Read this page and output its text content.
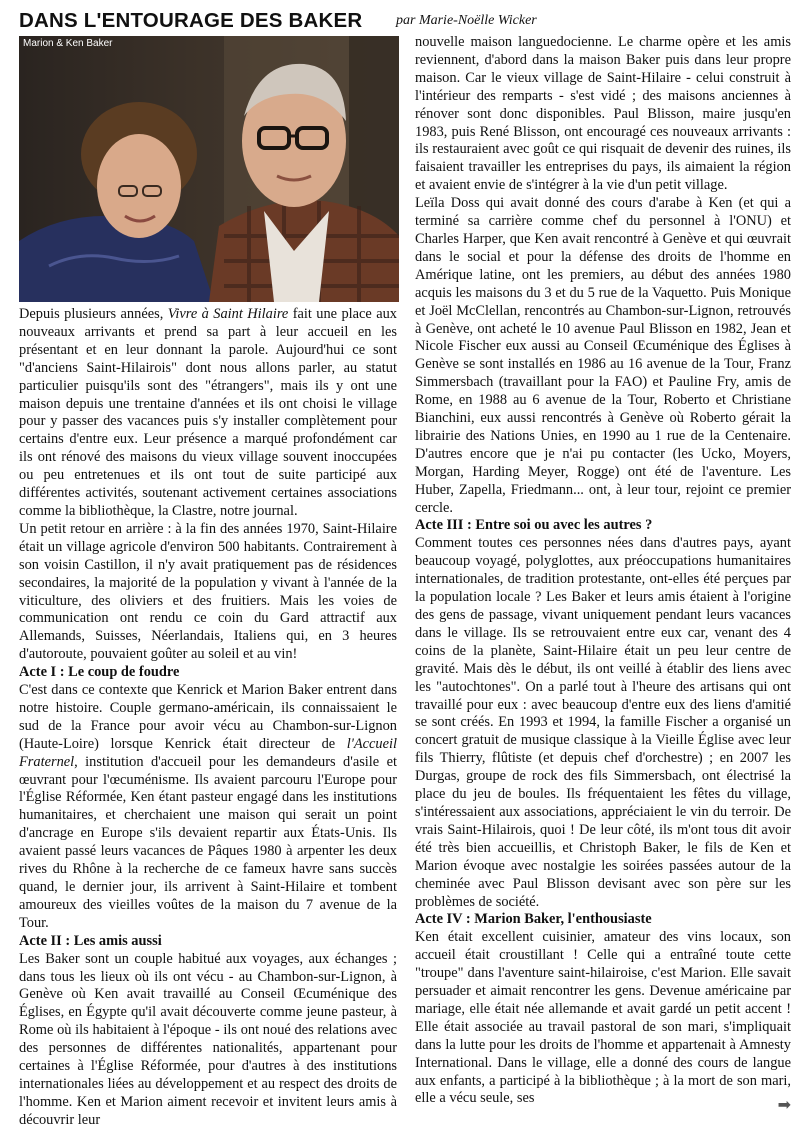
DANS L'ENTOURAGE DES BAKER par Marie-Noëlle Wicker
Marion & Ken Baker

Depuis plusieurs années, Vivre à Saint Hilaire fait une place aux nouveaux arrivants et prend sa part à leur accueil en les présentant et en leur donnant la parole. Aujourd'hui ce sont "d'anciens Saint-Hilairois" dont nous allons parler, au statut particulier puisqu'ils sont des "étrangers", mais ils y ont une maison depuis une trentaine d'années et ils ont choisi le village pour y passer des vacances puis s'y installer complètement pour certains d'entre eux. Leur présence a marqué profondément car ils ont rénové des maisons du vieux village souvent inoccupées ou peu entretenues et ils ont tout de suite participé aux différentes activités, soutenant activement certaines associations comme la bibliothèque, la Clastre, notre journal.

Un petit retour en arrière : à la fin des années 1970, Saint-Hilaire était un village agricole d'environ 500 habitants. Contrairement à son voisin Castillon, il n'y avait pratiquement pas de résidences secondaires, la majorité de la population y vivant à l'année de la viticulture, des oliviers et des fruitiers. Mais les voies de communication ont rendu ce coin du Gard attractif aux Allemands, Suisses, Néerlandais, Italiens qui, en 3 heures d'autoroute, pouvaient goûter au soleil et au vin!

Acte I : Le coup de foudre

C'est dans ce contexte que Kenrick et Marion Baker entrent dans notre histoire. Couple germano-américain, ils connaissaient le sud de la France pour avoir vécu au Chambon-sur-Lignon (Haute-Loire) lorsque Kenrick était directeur de l'Accueil Fraternel, institution d'accueil pour les demandeurs d'asile et œuvrant pour l'œcuménisme. Ils avaient parcouru l'Europe pour l'Église Réformée, Ken étant pasteur engagé dans les institutions humanitaires, et cherchaient une maison qui serait un point d'ancrage en Europe s'ils devaient repartir aux États-Unis. Ils avaient passé leurs vacances de Pâques 1980 à arpenter les deux rives du Rhône à la recherche de ce fameux havre sans succès quand, le dernier jour, ils arrivent à Saint-Hilaire et tombent amoureux des vieilles voûtes de la maison du 7 avenue de la Tour.

Acte II : Les amis aussi

Les Baker sont un couple habitué aux voyages, aux échanges ; dans tous les lieux où ils ont vécu - au Chambon-sur-Lignon, à Genève où Ken avait travaillé au Conseil Œcuménique des Églises, en Égypte qu'il avait découverte comme jeune pasteur, à Rome où ils habitaient à l'époque - ils ont noué des relations avec des personnes de différentes nationalités, appartenant pour certaines à l'Église Réformée, pour d'autres à des institutions internationales liées au développement et au respect des droits de l'homme. Ken et Marion aiment recevoir et invitent leurs amis à découvrir leur

nouvelle maison languedocienne. Le charme opère et les amis reviennent, d'abord dans la maison Baker puis dans leur propre maison. Car le vieux village de Saint-Hilaire - celui construit à l'intérieur des remparts - s'est vidé ; des maisons anciennes à rénover sont donc disponibles. Paul Blisson, maire jusqu'en 1983, puis René Blisson, ont encouragé ces nouveaux arrivants : ils restauraient avec goût ce qui risquait de devenir des ruines, ils faisaient travailler les entreprises du pays, ils aimaient la région et avaient envie de s'intégrer à la vie d'un petit village.

Leïla Doss qui avait donné des cours d'arabe à Ken (et qui a terminé sa carrière comme chef du personnel à l'ONU) et Charles Harper, que Ken avait rencontré à Genève et qui œuvrait dans le social et pour la défense des droits de l'homme en Amérique latine, ont les premiers, au début des années 1980 acquis les maisons du 3 et du 5 rue de la Vaquetto. Puis Monique et Joël McClellan, rencontrés au Chambon-sur-Lignon, retrouvés à Genève, ont acheté le 10 avenue Paul Blisson en 1982, Jean et Nicole Fischer eux aussi au Conseil Œcuménique des Églises à Genève se sont installés en 1986 au 16 avenue de la Tour, Franz Simmersbach (travaillant pour la FAO) et Pauline Fry, amis de Rome, en 1988 au 6 avenue de la Tour, Roberto et Christiane Bianchini, eux aussi rencontrés à Genève où Roberto gérait la librairie des Nations Unies, en 1990 au 1 rue de la Centenaire. D'autres encore que je n'ai pu contacter (les Ucko, Moyers, Morgan, Harding Meyer, Rogge) ont été de l'aventure. Les Huber, Zapella, Friedmann... ont, à leur tour, rejoint ce premier cercle.

Acte III : Entre soi ou avec les autres ?

Comment toutes ces personnes nées dans d'autres pays, ayant beaucoup voyagé, polyglottes, aux préoccupations humanitaires internationales, de tradition protestante, ont-elles été perçues par la population locale ? Les Baker et leurs amis étaient à l'origine des gens de passage, vivant uniquement pendant leurs vacances dans le village. Ils se retrouvaient entre eux car, venant des 4 coins de la planète, Saint-Hilaire était un peu leur centre de gravité. Mais dès le début, ils ont veillé à établir des liens avec les "autochtones". On a parlé tout à l'heure des artisans qui ont travaillé pour eux : avec beaucoup d'entre eux des liens d'amitié se sont créés. En 1993 et 1994, la famille Fischer a organisé un concert gratuit de musique classique à la Vieille Église avec leur fils Thierry, flûtiste (et depuis chef d'orchestre) ; en 2007 les Durgas, groupe de rock des fils Simmersbach, ont électrisé la place du jeu de boules. Ils fréquentaient les fêtes du village, s'intéressaient aux associations, appréciaient le vin du terroir. De vrais Saint-Hilairois, quoi ! De leur côté, ils m'ont tous dit avoir été très bien accueillis, et Christoph Baker, le fils de Ken et Marion évoque avec nostalgie les soirées passées autour de la cheminée avec Paul Blisson devisant avec son père sur les problèmes de société.

Acte IV : Marion Baker, l'enthousiaste

Ken était excellent cuisinier, amateur des vins locaux, son accueil était croustillant ! Celle qui a entraîné toute cette "troupe" dans l'aventure saint-hilairoise, c'est Marion. Elle savait persuader et aimait rencontrer les gens. Devenue américaine par mariage, elle était née allemande et avait gardé un petit accent ! Elle était associée au travail pastoral de son mari, s'impliquait dans la lutte pour les droits de l'homme et appartenait à Amnesty International. Dans le village, elle a donné des cours de langue aux enfants, a participé à la bibliothèque ; à la mort de son mari, elle a vécu seule, ses	➡
